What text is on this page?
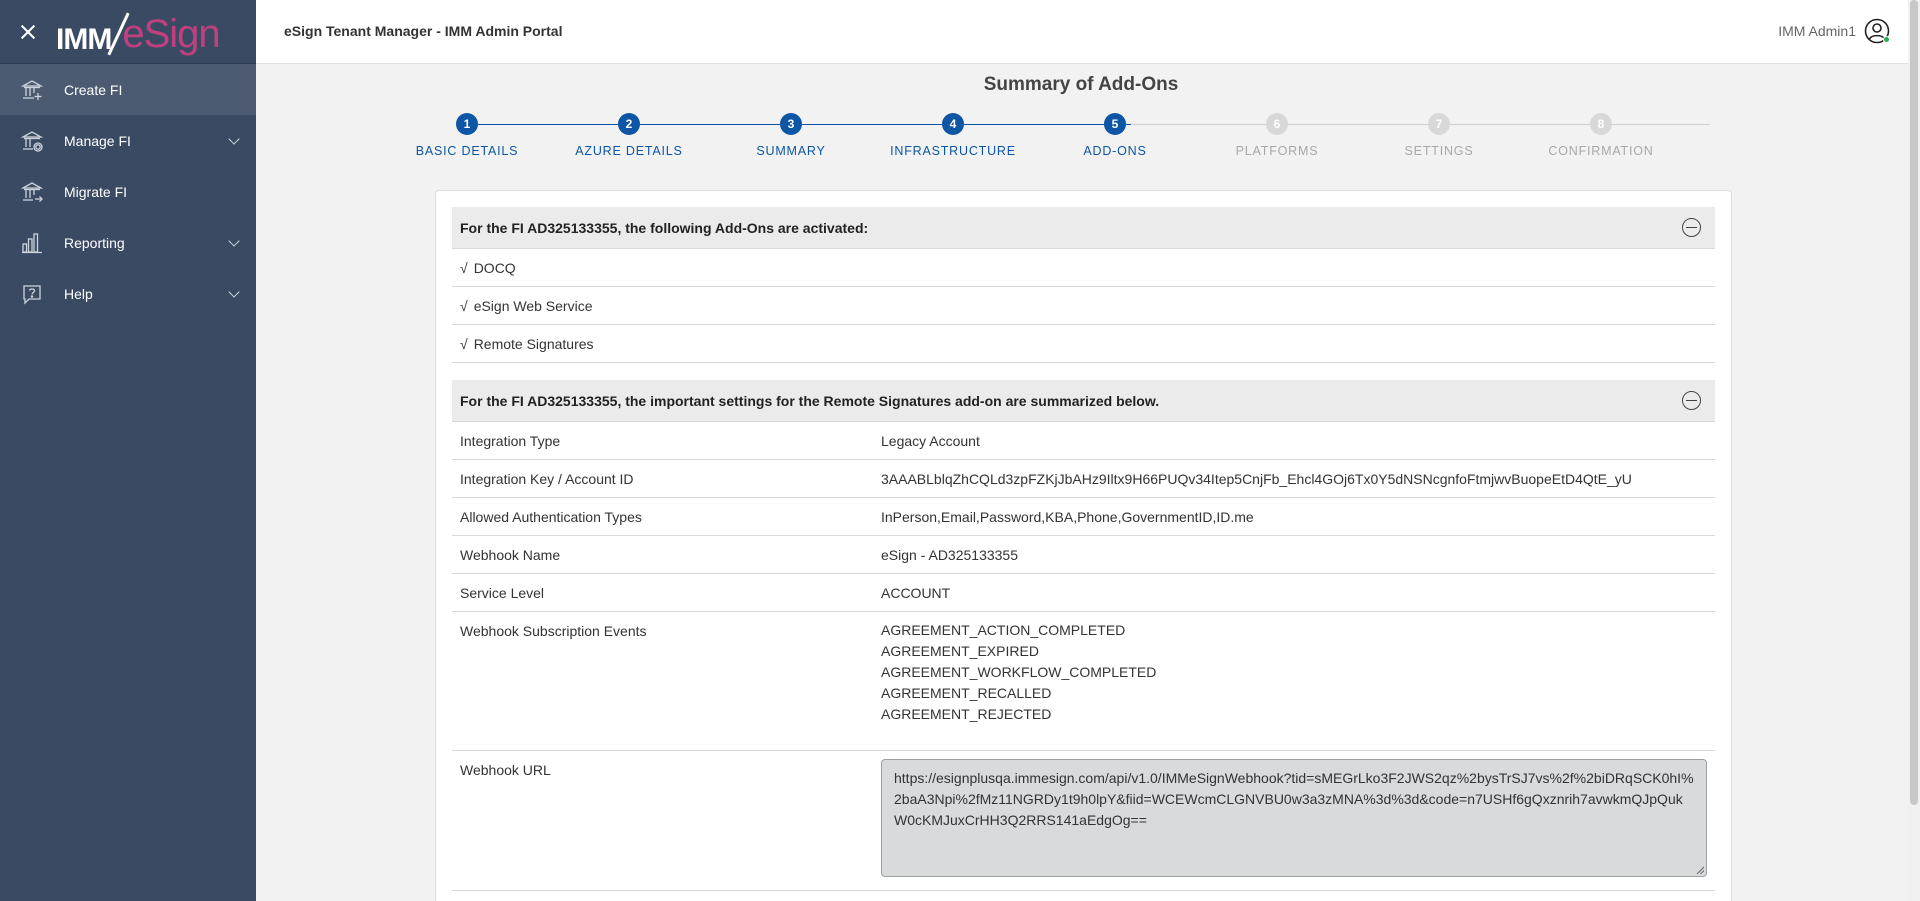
IMM eSign
Create FI
Manage FI
Migrate FI
Reporting
Help
eSign Tenant Manager - IMM Admin Portal	IMM Admin1
Summary of Add-Ons
1
BASIC DETAILS
2
AZURE DETAILS
3
SUMMARY
4
INFRASTRUCTURE
5
ADD-ONS
6
PLATFORMS
7
SETTINGS
8
CONFIRMATION
For the FI AD325133355, the following Add-Ons are activated:
√ DOCQ
√ eSign Web Service
√ Remote Signatures
For the FI AD325133355, the important settings for the Remote Signatures add-on are summarized below.
Integration Type	Legacy Account
Integration Key / Account ID	3AAABLblqZhCQLd3zpFZKjJbAHz9Iltx9H66PUQv34Itep5CnjFb_Ehcl4GOj6Tx0Y5dNSNcgnfoFtmjwvBuopeEtD4QtE_yU
Allowed Authentication Types	InPerson,Email,Password,KBA,Phone,GovernmentID,ID.me
Webhook Name	eSign - AD325133355
Service Level	ACCOUNT
Webhook Subscription Events	AGREEMENT_ACTION_COMPLETED
AGREEMENT_EXPIRED
AGREEMENT_WORKFLOW_COMPLETED
AGREEMENT_RECALLED
AGREEMENT_REJECTED
Webhook URL	https://esignplusqa.immesign.com/api/v1.0/IMMeSignWebhook?tid=sMEGrLko3F2JWS2qz%2bysTrSJ7vs%2f%2biDRqSCK0hI%2baA3Npi%2fMz11NGRDy1t9h0lpY&fiid=WCEWcmCLGNVBU0w3a3zMNA%3d%3d&code=n7USHf6gQxznrih7avwkmQJpQukW0cKMJuxCrHH3Q2RRS141aEdgOg==
